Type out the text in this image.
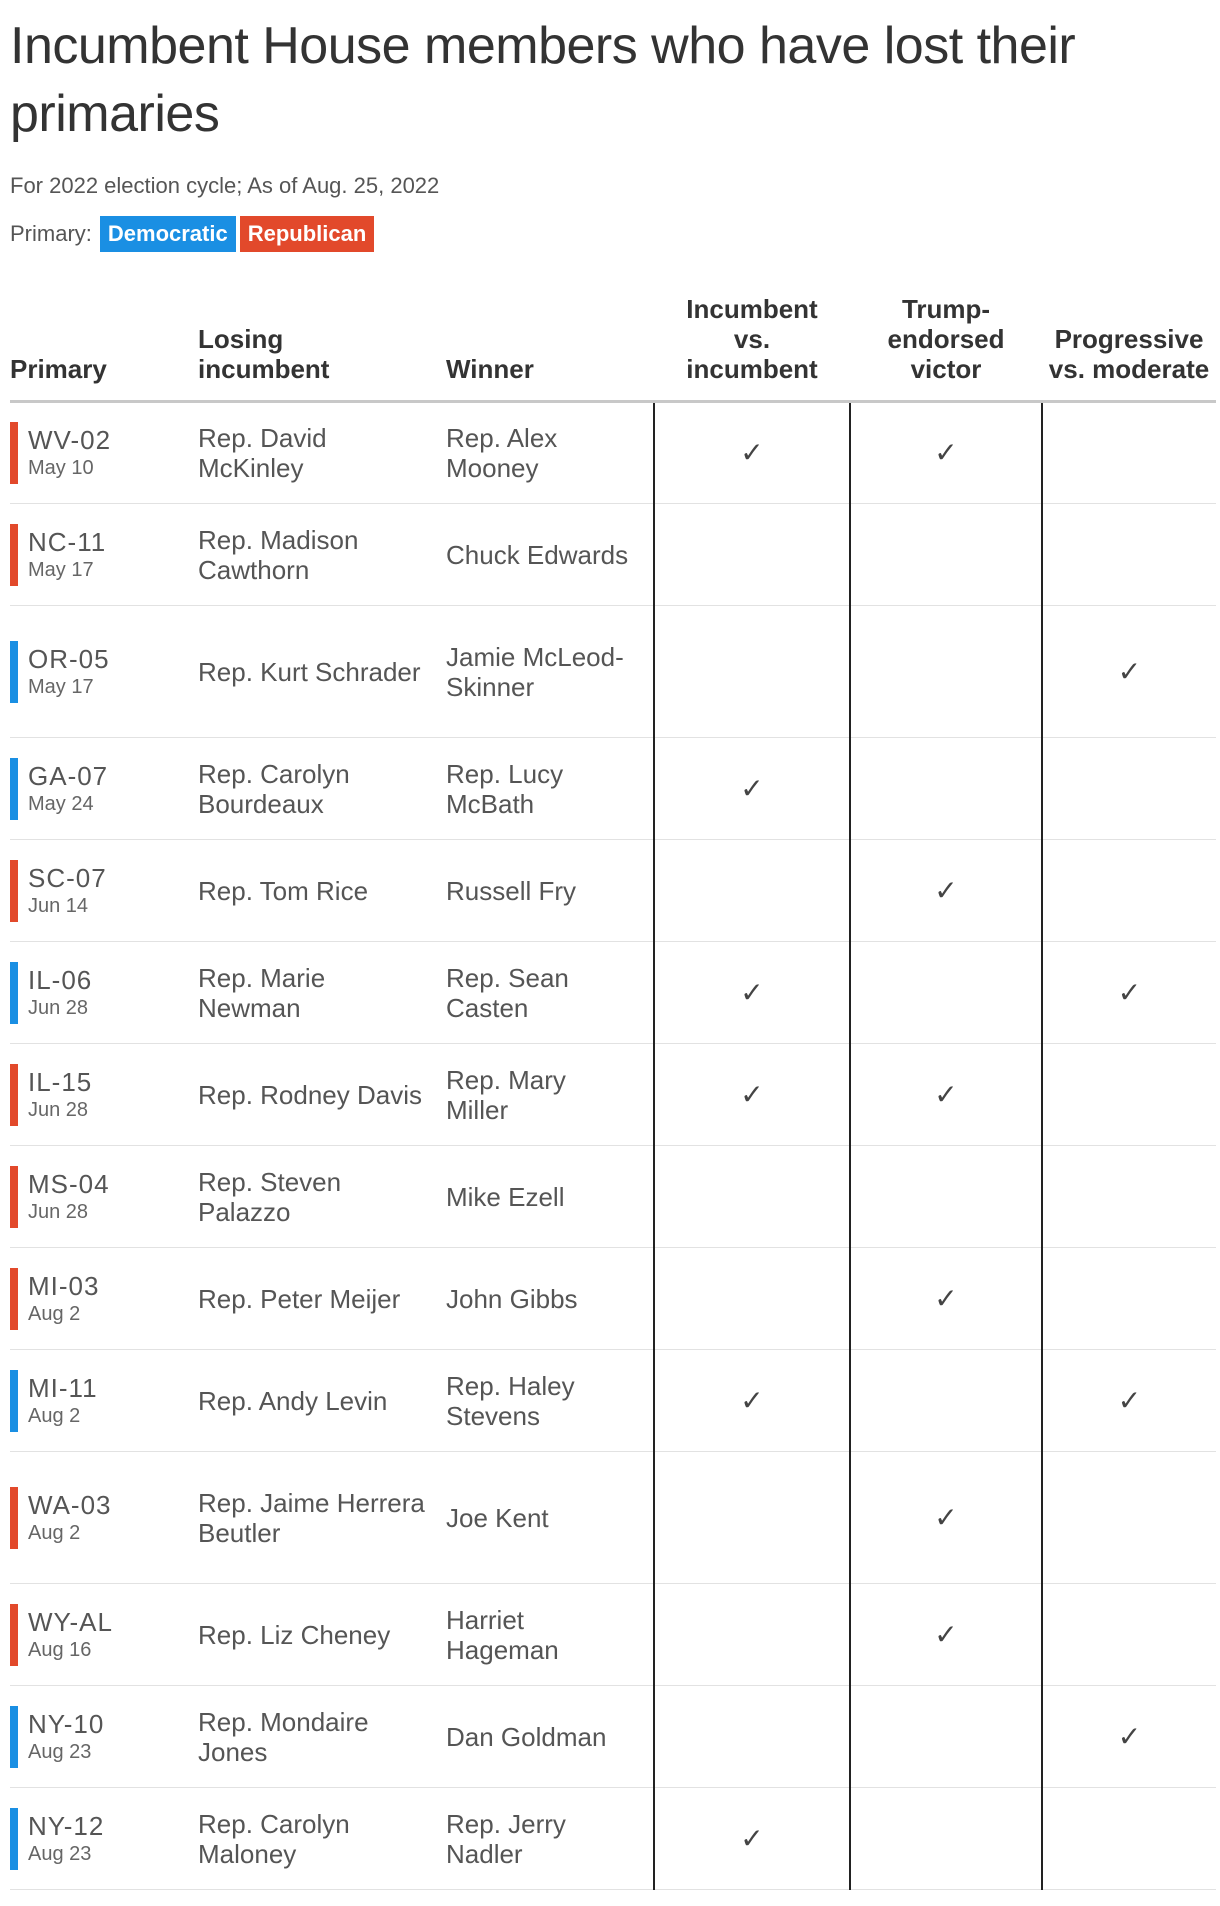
Incumbent House members who have lost their primaries
For 2022 election cycle; As of Aug. 25, 2022
Primary: Democratic Republican
Primary	Losing incumbent	Winner	Incumbent vs. incumbent	Trump-endorsed victor	Progressive vs. moderate

WV-02
May 10	Rep. David McKinley	Rep. Alex Mooney	✓	✓	

NC-11
May 17	Rep. Madison Cawthorn	Chuck Edwards			

OR-05
May 17	Rep. Kurt Schrader	Jamie McLeod-Skinner			✓

GA-07
May 24	Rep. Carolyn Bourdeaux	Rep. Lucy McBath	✓		

SC-07
Jun 14	Rep. Tom Rice	Russell Fry		✓	

IL-06
Jun 28	Rep. Marie Newman	Rep. Sean Casten	✓		✓

IL-15
Jun 28	Rep. Rodney Davis	Rep. Mary Miller	✓	✓	

MS-04
Jun 28	Rep. Steven Palazzo	Mike Ezell			

MI-03
Aug 2	Rep. Peter Meijer	John Gibbs		✓	

MI-11
Aug 2	Rep. Andy Levin	Rep. Haley Stevens	✓		✓

WA-03
Aug 2	Rep. Jaime Herrera Beutler	Joe Kent		✓	

WY-AL
Aug 16	Rep. Liz Cheney	Harriet Hageman		✓	

NY-10
Aug 23	Rep. Mondaire Jones	Dan Goldman			✓

NY-12
Aug 23	Rep. Carolyn Maloney	Rep. Jerry Nadler	✓		
